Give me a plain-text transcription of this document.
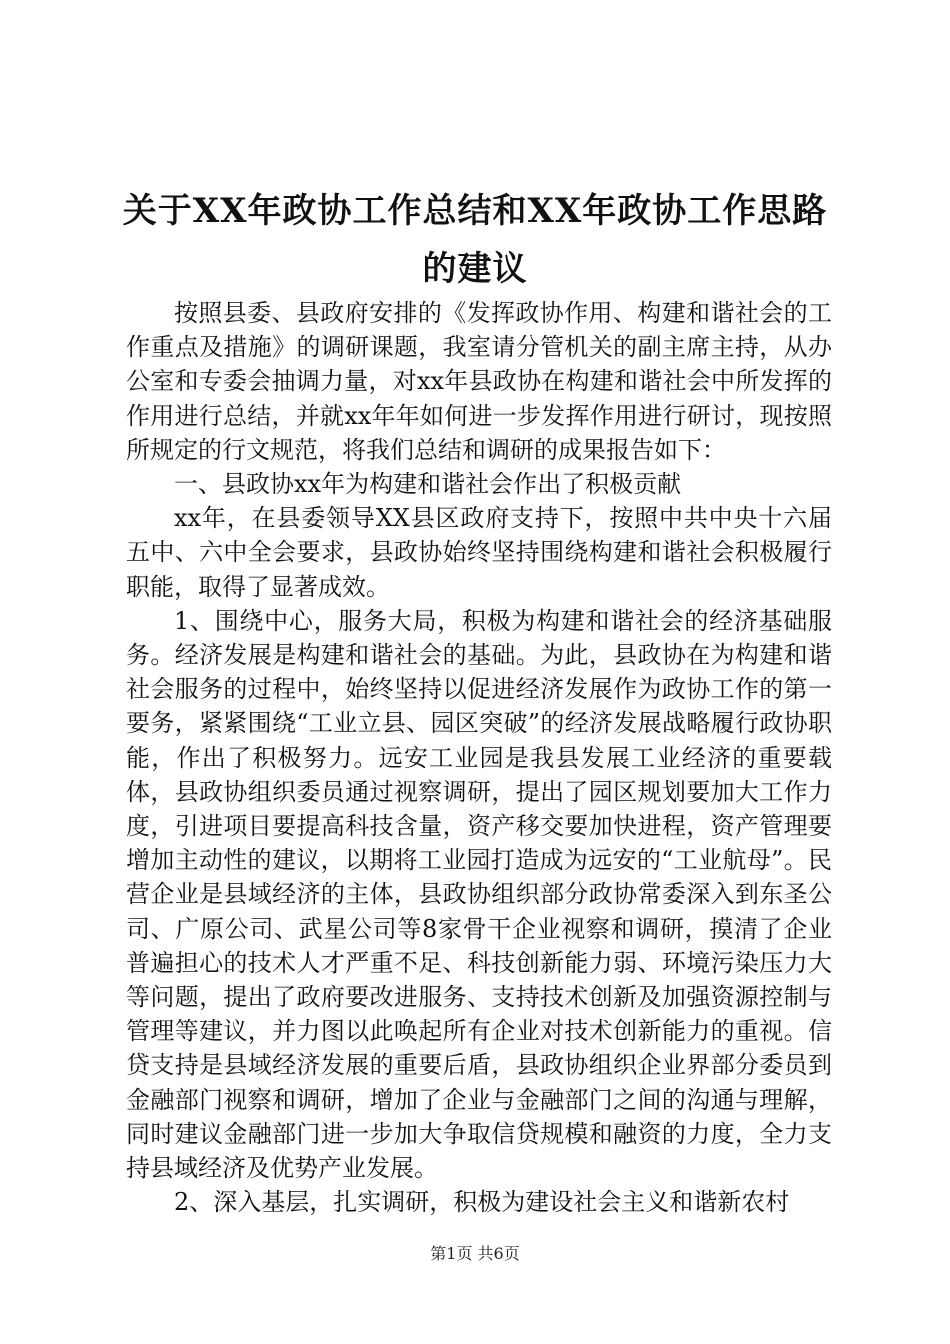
关于XX年政协工作总结和XX年政协工作思路
的建议

按照县委、县政府安排的《发挥政协作用、构建和谐社会的工作重点及措施》的调研课题，我室请分管机关的副主席主持，从办公室和专委会抽调力量，对xx年县政协在构建和谐社会中所发挥的作用进行总结，并就xx年年如何进一步发挥作用进行研讨，现按照所规定的行文规范，将我们总结和调研的成果报告如下：

一、县政协xx年为构建和谐社会作出了积极贡献

xx年，在县委领导XX县区政府支持下，按照中共中央十六届五中、六中全会要求，县政协始终坚持围绕构建和谐社会积极履行职能，取得了显著成效。

1、围绕中心，服务大局，积极为构建和谐社会的经济基础服务。经济发展是构建和谐社会的基础。为此，县政协在为构建和谐社会服务的过程中，始终坚持以促进经济发展作为政协工作的第一要务，紧紧围绕“工业立县、园区突破”的经济发展战略履行政协职能，作出了积极努力。远安工业园是我县发展工业经济的重要载体，县政协组织委员通过视察调研，提出了园区规划要加大工作力度，引进项目要提高科技含量，资产移交要加快进程，资产管理要增加主动性的建议，以期将工业园打造成为远安的“工业航母”。民营企业是县域经济的主体，县政协组织部分政协常委深入到东圣公司、广原公司、武星公司等8家骨干企业视察和调研，摸清了企业普遍担心的技术人才严重不足、科技创新能力弱、环境污染压力大等问题，提出了政府要改进服务、支持技术创新及加强资源控制与管理等建议，并力图以此唤起所有企业对技术创新能力的重视。信贷支持是县域经济发展的重要后盾，县政协组织企业界部分委员到金融部门视察和调研，增加了企业与金融部门之间的沟通与理解，同时建议金融部门进一步加大争取信贷规模和融资的力度，全力支持县域经济及优势产业发展。

2、深入基层，扎实调研，积极为建设社会主义和谐新农村

第1页 共6页
